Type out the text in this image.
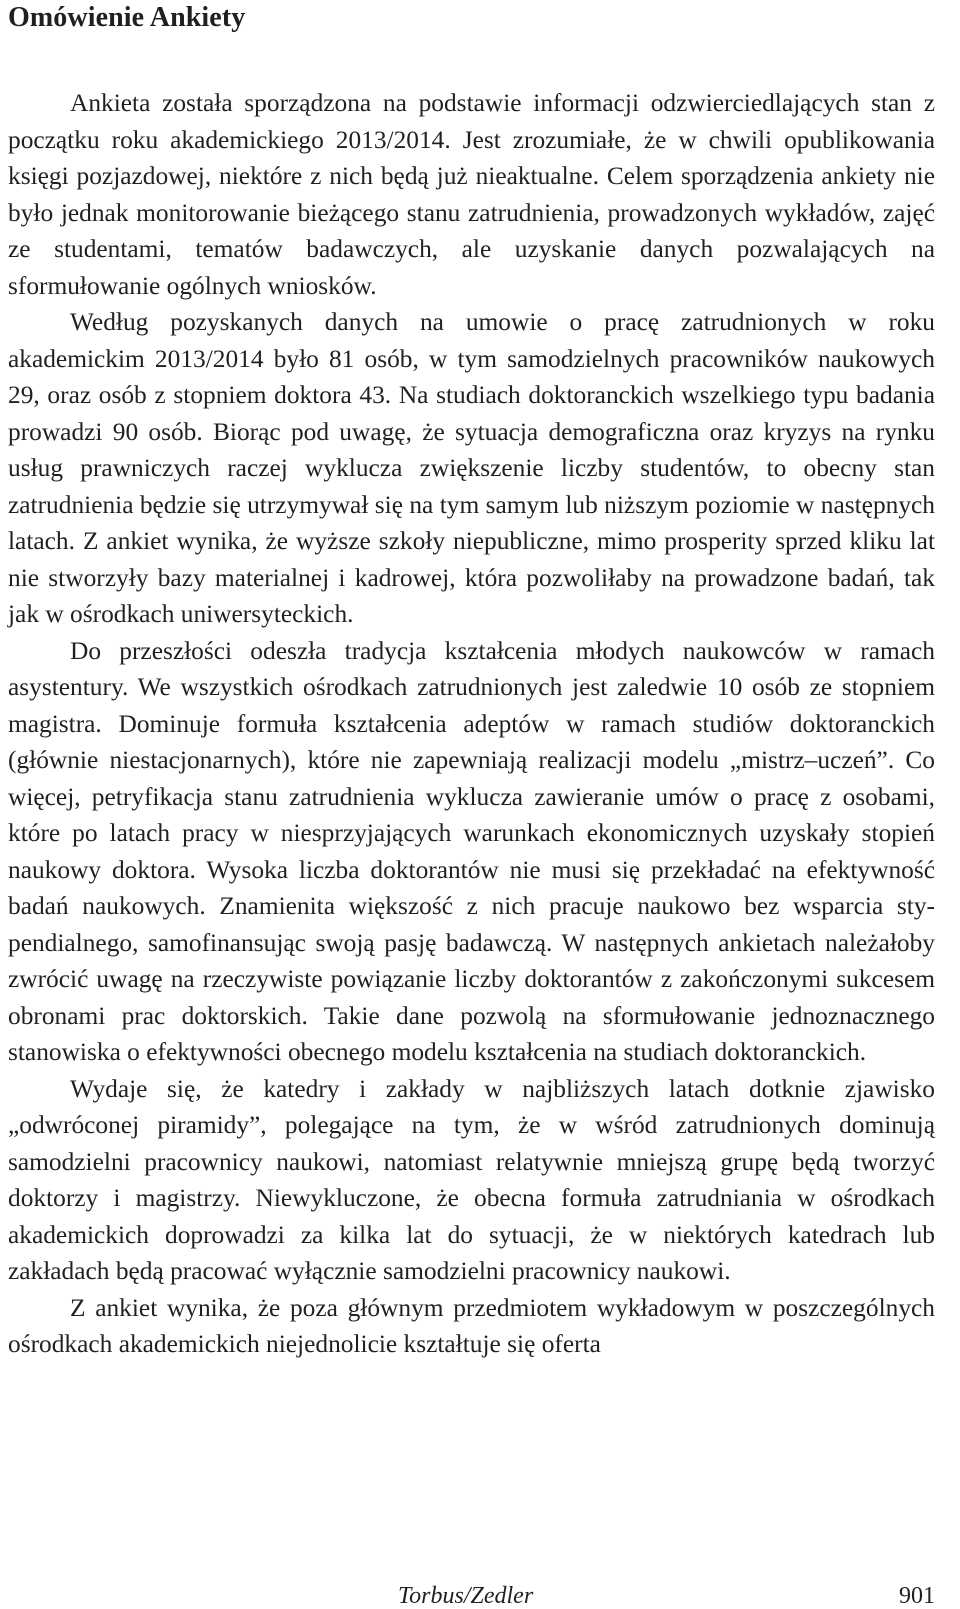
Omówienie Ankiety

Ankieta została sporządzona na podstawie informacji odzwierciedlających stan z początku roku akademickiego 2013/2014. Jest zrozumiałe, że w chwili opublikowania księgi pozjazdowej, niektóre z nich będą już nieaktualne. Celem sporządzenia ankiety nie było jednak monitorowanie bieżącego stanu zatrudnienia, prowadzonych wykładów, zajęć ze studentami, tematów badawczych, ale uzyskanie danych pozwalających na sformułowanie ogólnych wniosków.

Według pozyskanych danych na umowie o pracę zatrudnionych w roku akademickim 2013/2014 było 81 osób, w tym samodzielnych pracowników naukowych 29, oraz osób z stopniem doktora 43. Na studiach doktoranckich wszelkiego typu badania prowadzi 90 osób. Biorąc pod uwagę, że sytuacja demograficzna oraz kryzys na rynku usług prawniczych raczej wyklucza zwiększenie liczby studentów, to obecny stan zatrudnienia będzie się utrzymywał się na tym samym lub niższym poziomie w następnych latach. Z ankiet wynika, że wyższe szkoły niepubliczne, mimo prosperity sprzed kliku lat nie stworzyły bazy materialnej i kadrowej, która pozwoliłaby na prowadzone badań, tak jak w ośrodkach uniwersyteckich.

Do przeszłości odeszła tradycja kształcenia młodych naukowców w ramach asystentury. We wszystkich ośrodkach zatrudnionych jest zaledwie 10 osób ze stopniem magistra. Dominuje formuła kształcenia adeptów w ramach studiów doktoranckich (głównie niestacjonarnych), które nie zapewniają realizacji modelu „mistrz–uczeń”. Co więcej, petryfikacja stanu zatrudnienia wyklucza zawieranie umów o pracę z osobami, które po latach pracy w niesprzyjających warunkach ekonomicznych uzyskały stopień naukowy doktora. Wysoka liczba doktorantów nie musi się przekładać na efektywność badań naukowych. Znamienita większość z nich pracuje naukowo bez wsparcia stypendialnego, samofinansując swoją pasję badawczą. W następnych ankietach należałoby zwrócić uwagę na rzeczywiste powiązanie liczby doktorantów z zakończonymi sukcesem obronami prac doktorskich. Takie dane pozwolą na sformułowanie jednoznacznego stanowiska o efektywności obecnego modelu kształcenia na studiach doktoranckich.

Wydaje się, że katedry i zakłady w najbliższych latach dotknie zjawisko „odwróconej piramidy”, polegające na tym, że w wśród zatrudnionych dominują samodzielni pracownicy naukowi, natomiast relatywnie mniejszą grupę będą tworzyć doktorzy i magistrzy. Niewykluczone, że obecna formuła zatrudniania w ośrodkach akademickich doprowadzi za kilka lat do sytuacji, że w niektórych katedrach lub zakładach będą pracować wyłącznie samodzielni pracownicy naukowi.

Z ankiet wynika, że poza głównym przedmiotem wykładowym w poszczególnych ośrodkach akademickich niejednolicie kształtuje się oferta

Torbus/Zedler	901
